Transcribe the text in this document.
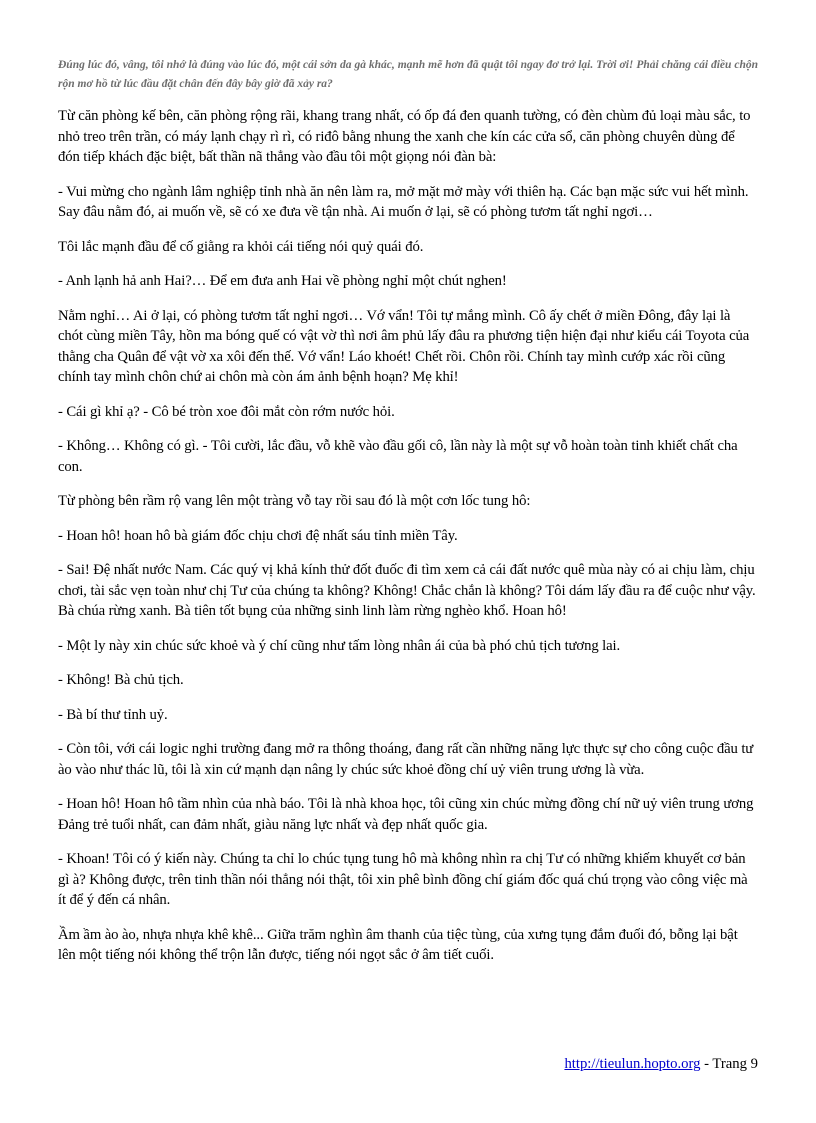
Đúng lúc đó, vâng, tôi nhớ là đúng vào lúc đó, một cái sởn da gà khác, mạnh mẽ hơn đã quật tôi ngay đơ trở lại. Trời ơi! Phải chăng cái điều chộn rộn mơ hồ từ lúc đầu đặt chân đến đây bây giờ đã xảy ra?

Từ căn phòng kế bên, căn phòng rộng rãi, khang trang nhất, có ốp đá đen quanh tường, có đèn chùm đủ loại màu sắc, to nhỏ treo trên trần, có máy lạnh chạy rì rì, có riđô bằng nhung the xanh che kín các cửa sổ, căn phòng chuyên dùng để đón tiếp khách đặc biệt, bất thần nã thẳng vào đầu tôi một giọng nói đàn bà:

- Vui mừng cho ngành lâm nghiệp tỉnh nhà ăn nên làm ra, mở mặt mở mày với thiên hạ. Các bạn mặc sức vui hết mình. Say đâu nằm đó, ai muốn về, sẽ có xe đưa về tận nhà. Ai muốn ở lại, sẽ có phòng tươm tất nghỉ ngơi…

Tôi lắc mạnh đầu để cố giằng ra khỏi cái tiếng nói quỷ quái đó.

- Anh lạnh hả anh Hai?… Để em đưa anh Hai về phòng nghỉ một chút nghen!

Nằm nghỉ… Ai ở lại, có phòng tươm tất nghỉ ngơi… Vớ vẩn! Tôi tự mắng mình. Cô ấy chết ở miền Đông, đây lại là chót cùng miền Tây, hồn ma bóng quế có vật vờ thì nơi âm phủ lấy đâu ra phương tiện hiện đại như kiểu cái Toyota của thằng cha Quân để vật vờ xa xôi đến thế. Vớ vẩn! Láo khoét! Chết rồi. Chôn rồi. Chính tay mình cướp xác rồi cũng chính tay mình chôn chứ ai chôn mà còn ám ảnh bệnh hoạn? Mẹ khỉ!

- Cái gì khỉ ạ? - Cô bé tròn xoe đôi mắt còn rớm nước hỏi.

- Không… Không có gì. - Tôi cười, lắc đầu, vỗ khẽ vào đầu gối cô, lần này là một sự vỗ hoàn toàn tinh khiết chất cha con.

Từ phòng bên rầm rộ vang lên một tràng vỗ tay rồi sau đó là một cơn lốc tung hô:

- Hoan hô! hoan hô bà giám đốc chịu chơi đệ nhất sáu tỉnh miền Tây.

- Sai! Đệ nhất nước Nam. Các quý vị khả kính thử đốt đuốc đi tìm xem cả cái đất nước quê mùa này có ai chịu làm, chịu chơi, tài sắc vẹn toàn như chị Tư của chúng ta không? Không! Chắc chắn là không? Tôi dám lấy đầu ra để cuộc như vậy. Bà chúa rừng xanh. Bà tiên tốt bụng của những sinh linh làm rừng nghèo khổ. Hoan hô!

- Một ly này xin chúc sức khoẻ và ý chí cũng như tấm lòng nhân ái của bà phó chủ tịch tương lai.

- Không! Bà chủ tịch.

- Bà bí thư tỉnh uỷ.

- Còn tôi, với cái logic nghi trường đang mở ra thông thoáng, đang rất cần những năng lực thực sự cho công cuộc đầu tư ào vào như thác lũ, tôi là xin cứ mạnh dạn nâng ly chúc sức khoẻ đồng chí uỷ viên trung ương là vừa.

- Hoan hô! Hoan hô tầm nhìn của nhà báo. Tôi là nhà khoa học, tôi cũng xin chúc mừng đồng chí nữ uỷ viên trung ương Đảng trẻ tuổi nhất, can đảm nhất, giàu năng lực nhất và đẹp nhất quốc gia.

- Khoan! Tôi có ý kiến này. Chúng ta chỉ lo chúc tụng tung hô mà không nhìn ra chị Tư có những khiếm khuyết cơ bản gì à? Không được, trên tinh thần nói thẳng nói thật, tôi xin phê bình đồng chí giám đốc quá chú trọng vào công việc mà ít để ý đến cá nhân.

Ầm ầm ào ào, nhựa nhựa khê khê... Giữa trăm nghìn âm thanh của tiệc tùng, của xưng tụng đắm đuối đó, bỗng lại bật lên một tiếng nói không thể trộn lẫn được, tiếng nói ngọt sắc ở âm tiết cuối.

http://tieulun.hopto.org - Trang 9
